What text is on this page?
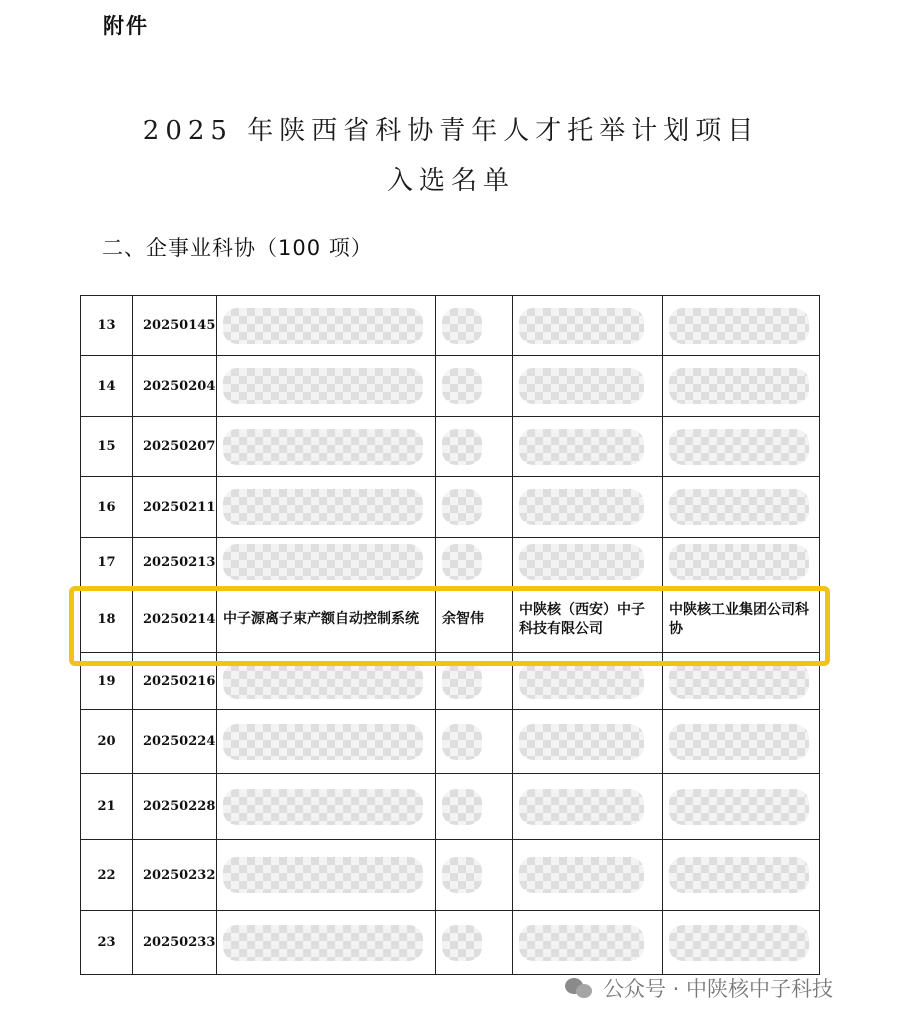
附件
2025 年陕西省科协青年人才托举计划项目
入选名单
二、企事业科协（100 项）
13	20250145	

14	20250204	

15	20250207	

16	20250211	

17	20250213	

18	20250214	中子源离子束产额自动控制系统	余智伟	中陕核（西安）中子科技有限公司	中陕核工业集团公司科协
19	20250216	

20	20250224	

21	20250228	

22	20250232	

23	20250233	

公众号 · 中陕核中子科技
